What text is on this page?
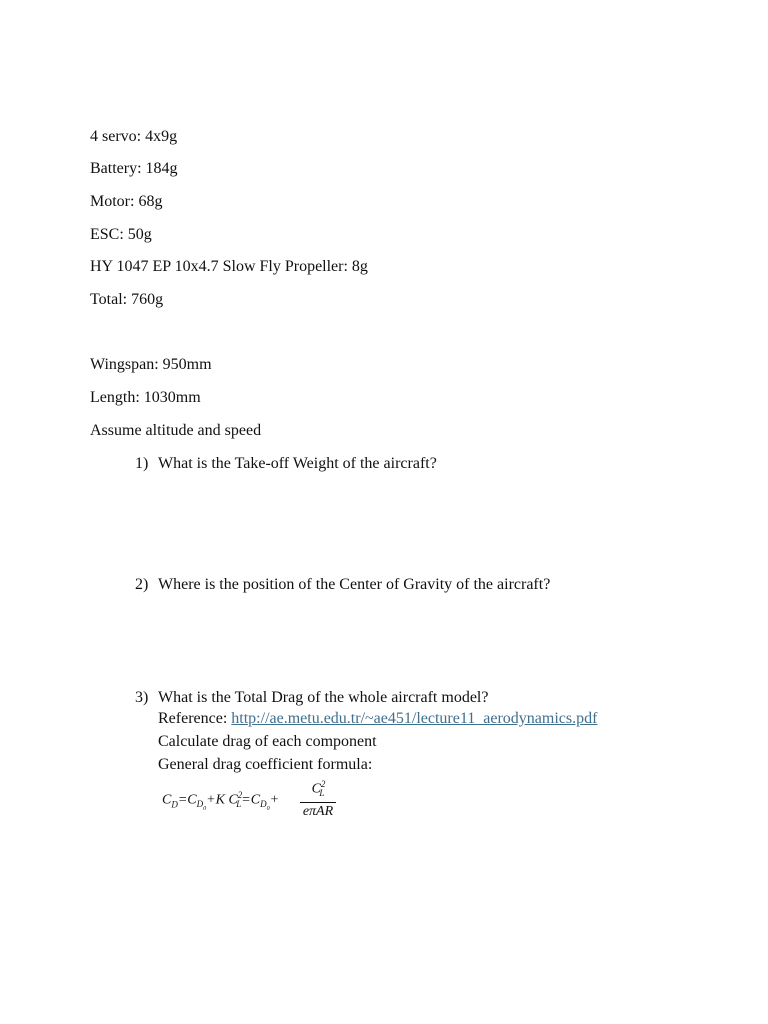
4 servo: 4x9g
Battery: 184g
Motor: 68g
ESC: 50g
HY 1047 EP 10x4.7 Slow Fly Propeller: 8g
Total: 760g
Wingspan: 950mm
Length: 1030mm
Assume altitude and speed
1) What is the Take-off Weight of the aircraft?
2) Where is the position of the Center of Gravity of the aircraft?
3) What is the Total Drag of the whole aircraft model?
Reference: http://ae.metu.edu.tr/~ae451/lecture11_aerodynamics.pdf
Calculate drag of each component
General drag coefficient formula:
$C_D=C_{D_0}+K$ $C^2_L=C_{D_0}+$
$C^2_L$
eπAR
